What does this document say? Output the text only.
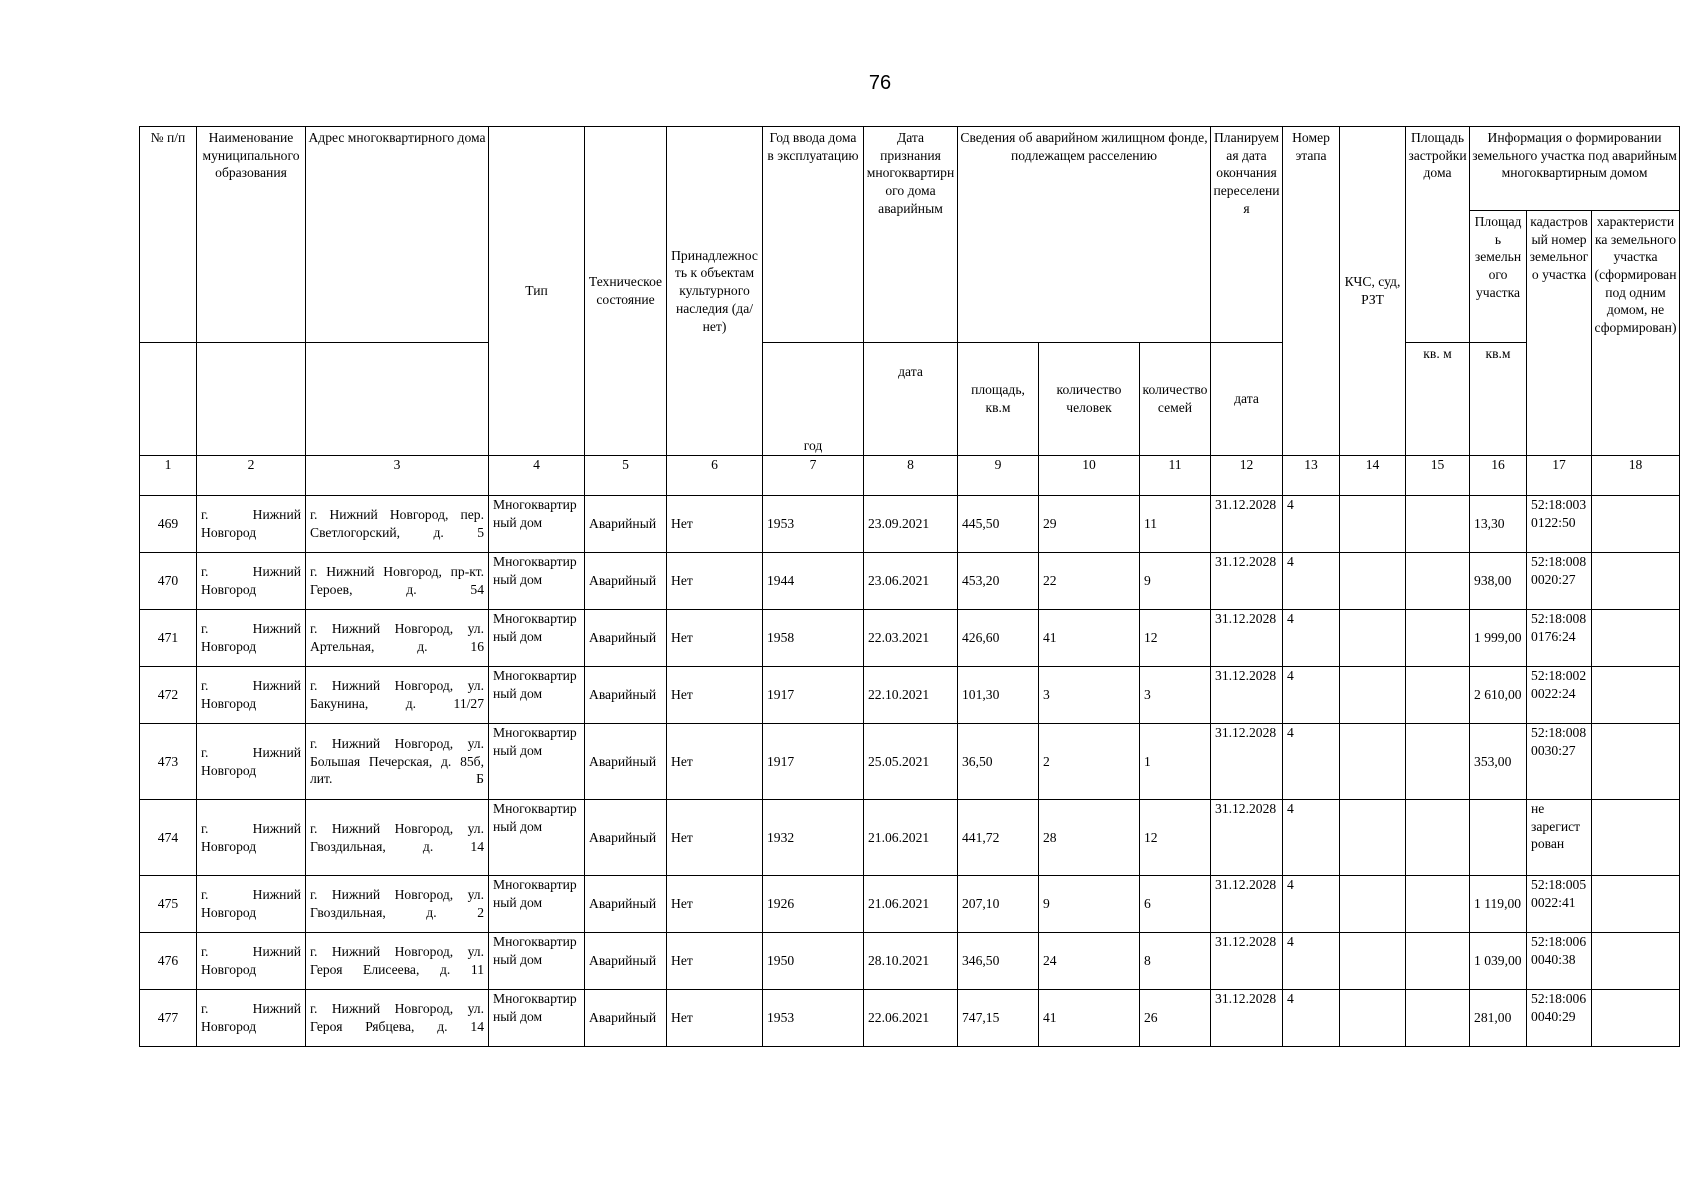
76
№ п/п	Наименование муниципального образования	Адрес многоквартирного дома	Тип	Техническое состояние	Принадлежность к объектам культурного наследия (да/нет)	Год ввода дома в эксплуатацию	Дата признания многоквартирного дома аварийным	Сведения об аварийном жилищном фонде, подлежащем расселению			Планируемая дата окончания переселения	Номер этапа	КЧС, суд, РЗТ	Площадь застройки дома	Информация о формировании земельного участка под аварийным многоквартирным домом		
															Площадь земельного участка	кадастровый номер земельного участка	характеристика земельного участка (сформирован под одним домом, не сформирован)
						год	дата	площадь, кв.м	количество человек	количество семей	дата			кв. м	кв.м		
1	2	3	4	5	6	7	8	9	10	11	12	13	14	15	16	17	18
469	г. Нижний Новгород	г. Нижний Новгород, пер. Светлогорский, д. 5	Многоквартирный дом	Аварийный	Нет	1953	23.09.2021	445,50	29	11	31.12.2028	4			13,30	52:18:0030122:50	
470	г. Нижний Новгород	г. Нижний Новгород, пр-кт. Героев, д. 54	Многоквартирный дом	Аварийный	Нет	1944	23.06.2021	453,20	22	9	31.12.2028	4			938,00	52:18:0080020:27	
471	г. Нижний Новгород	г. Нижний Новгород, ул. Артельная, д. 16	Многоквартирный дом	Аварийный	Нет	1958	22.03.2021	426,60	41	12	31.12.2028	4			1 999,00	52:18:0080176:24	
472	г. Нижний Новгород	г. Нижний Новгород, ул. Бакунина, д. 11/27	Многоквартирный дом	Аварийный	Нет	1917	22.10.2021	101,30	3	3	31.12.2028	4			2 610,00	52:18:0020022:24	
473	г. Нижний Новгород	г. Нижний Новгород, ул. Большая Печерская, д. 85б, лит. Б	Многоквартирный дом	Аварийный	Нет	1917	25.05.2021	36,50	2	1	31.12.2028	4			353,00	52:18:0080030:27	
474	г. Нижний Новгород	г. Нижний Новгород, ул. Гвоздильная, д. 14	Многоквартирный дом	Аварийный	Нет	1932	21.06.2021	441,72	28	12	31.12.2028	4				не зарегистрован	
475	г. Нижний Новгород	г. Нижний Новгород, ул. Гвоздильная, д. 2	Многоквартирный дом	Аварийный	Нет	1926	21.06.2021	207,10	9	6	31.12.2028	4			1 119,00	52:18:0050022:41	
476	г. Нижний Новгород	г. Нижний Новгород, ул. Героя Елисеева, д. 11	Многоквартирный дом	Аварийный	Нет	1950	28.10.2021	346,50	24	8	31.12.2028	4			1 039,00	52:18:0060040:38	
477	г. Нижний Новгород	г. Нижний Новгород, ул. Героя Рябцева, д. 14	Многоквартирный дом	Аварийный	Нет	1953	22.06.2021	747,15	41	26	31.12.2028	4			281,00	52:18:0060040:29	
